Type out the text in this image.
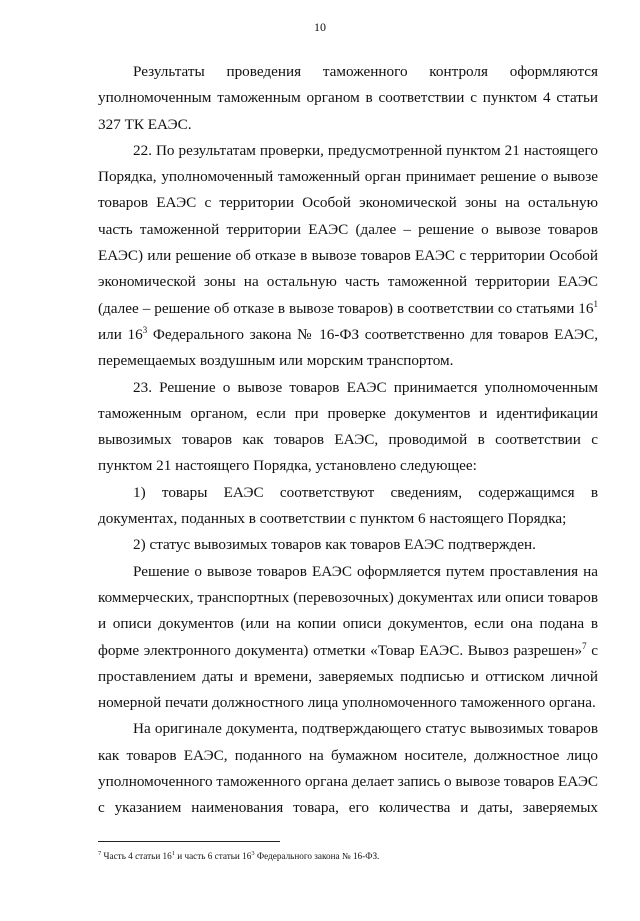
10

Результаты проведения таможенного контроля оформляются уполномоченным таможенным органом в соответствии с пунктом 4 статьи 327 ТК ЕАЭС.

22. По результатам проверки, предусмотренной пунктом 21 настоящего Порядка, уполномоченный таможенный орган принимает решение о вывозе товаров ЕАЭС с территории Особой экономической зоны на остальную часть таможенной территории ЕАЭС (далее – решение о вывозе товаров ЕАЭС) или решение об отказе в вывозе товаров ЕАЭС с территории Особой экономической зоны на остальную часть таможенной территории ЕАЭС (далее – решение об отказе в вывозе товаров) в соответствии со статьями $16^1$ или $16^3$ Федерального закона № 16-ФЗ соответственно для товаров ЕАЭС, перемещаемых воздушным или морским транспортом.

23. Решение о вывозе товаров ЕАЭС принимается уполномоченным таможенным органом, если при проверке документов и идентификации вывозимых товаров как товаров ЕАЭС, проводимой в соответствии с пунктом 21 настоящего Порядка, установлено следующее:

1) товары ЕАЭС соответствуют сведениям, содержащимся в документах, поданных в соответствии с пунктом 6 настоящего Порядка;

2) статус вывозимых товаров как товаров ЕАЭС подтвержден.

Решение о вывозе товаров ЕАЭС оформляется путем проставления на коммерческих, транспортных (перевозочных) документах или описи товаров и описи документов (или на копии описи документов, если она подана в форме электронного документа) отметки «Товар ЕАЭС. Вывоз разрешен»$^7$ с проставлением даты и времени, заверяемых подписью и оттиском личной номерной печати должностного лица уполномоченного таможенного органа.

На оригинале документа, подтверждающего статус вывозимых товаров как товаров ЕАЭС, поданного на бумажном носителе, должностное лицо уполномоченного таможенного органа делает запись о вывозе товаров ЕАЭС с указанием наименования товара, его количества и даты, заверяемых

$^7$ Часть 4 статьи $16^1$ и часть 6 статьи $16^3$ Федерального закона № 16-ФЗ.
